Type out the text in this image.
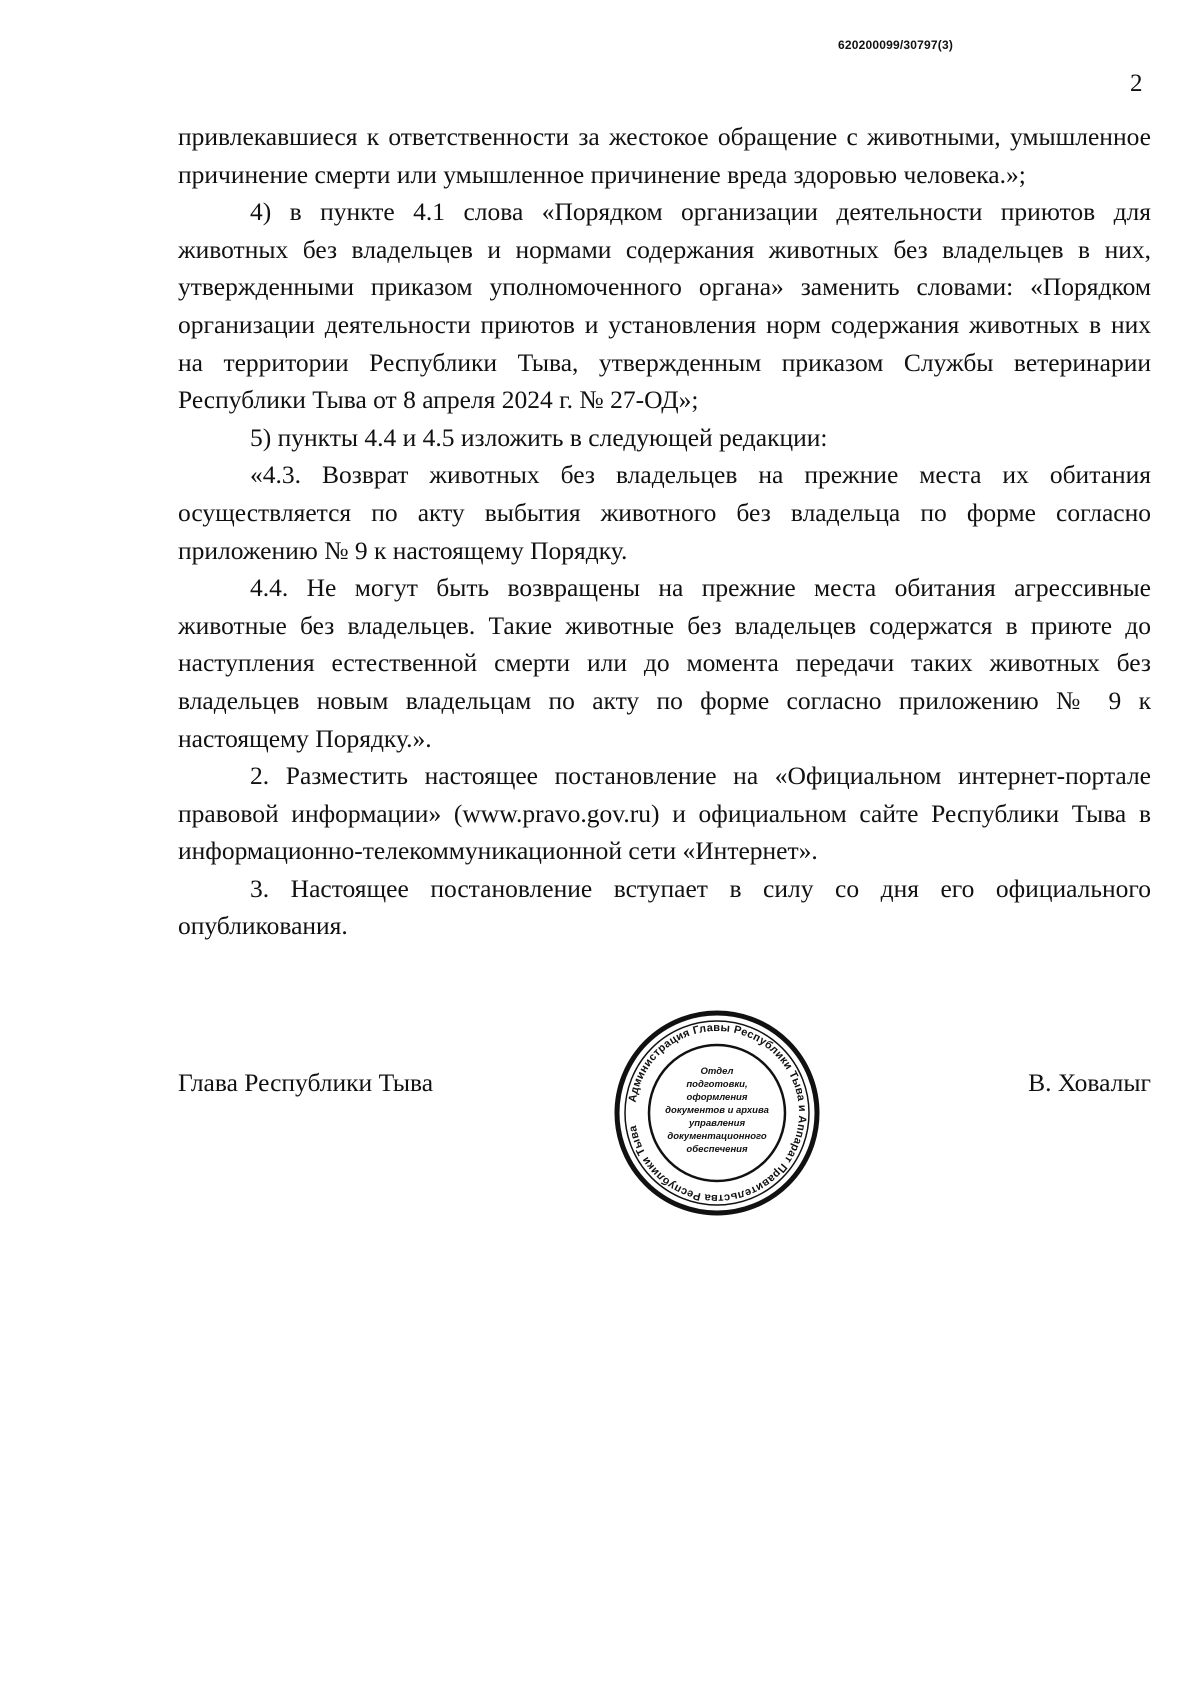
620200099/30797(3)
2

привлекавшиеся к ответственности за жестокое обращение с животными, умышленное причинение смерти или умышленное причинение вреда здоровью человека.»;

4) в пункте 4.1 слова «Порядком организации деятельности приютов для животных без владельцев и нормами содержания животных без владельцев в них, утвержденными приказом уполномоченного органа» заменить словами: «Порядком организации деятельности приютов и установления норм содержания животных в них на территории Республики Тыва, утвержденным приказом Службы ветеринарии Республики Тыва от 8 апреля 2024 г. № 27-ОД»;

5) пункты 4.4 и 4.5 изложить в следующей редакции:

«4.3. Возврат животных без владельцев на прежние места их обитания осуществляется по акту выбытия животного без владельца по форме согласно приложению № 9 к настоящему Порядку.

4.4. Не могут быть возвращены на прежние места обитания агрессивные животные без владельцев. Такие животные без владельцев содержатся в приюте до наступления естественной смерти или до момента передачи таких животных без владельцев новым владельцам по акту по форме согласно приложению № 9 к настоящему Порядку.».

2. Разместить настоящее постановление на «Официальном интернет-портале правовой информации» (www.pravo.gov.ru) и официальном сайте Республики Тыва в информационно-телекоммуникационной сети «Интернет».

3. Настоящее постановление вступает в силу со дня его официального опубликования.

Глава Республики Тыва	В. Ховалыг
Администрация Главы Республики Тыва и Аппарат Правительства Республики Тыва
Отдел
подготовки,
оформления
документов и архива
управления
документационного
обеспечения
